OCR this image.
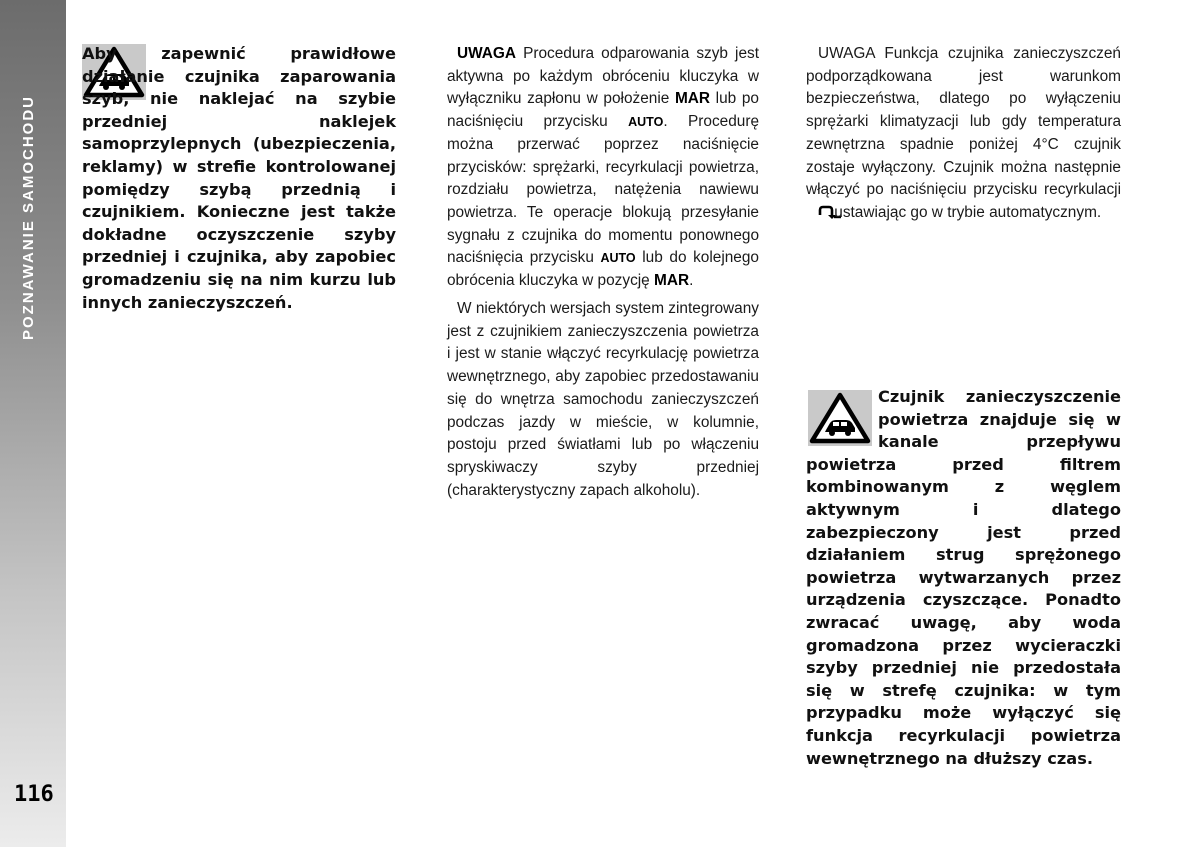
POZNAWANIE SAMOCHODU
116
Aby zapewnić prawidłowe działanie czujnika zaparowania szyb, nie naklejać na szybie przedniej naklejek samoprzylepnych (ubezpieczenia, reklamy) w strefie kontrolowanej pomiędzy szybą przednią i czujnikiem. Konieczne jest także dokładne oczyszczenie szyby przedniej i czujnika, aby zapobiec gromadzeniu się na nim kurzu lub innych zanieczyszczeń.

UWAGA Procedura odparowania szyb jest aktywna po każdym obróceniu kluczyka w wyłączniku zapłonu w położenie MAR lub po naciśnięciu przycisku AUTO. Procedurę można przerwać poprzez naciśnięcie przycisków: sprężarki, recyrkulacji powietrza, rozdziału powietrza, natężenia nawiewu powietrza. Te operacje blokują przesyłanie sygnału z czujnika do momentu ponownego naciśnięcia przycisku AUTO lub do kolejnego obrócenia kluczyka w pozycję MAR.

W niektórych wersjach system zintegrowany jest z czujnikiem zanieczyszczenia powietrza i jest w stanie włączyć recyrkulację powietrza wewnętrznego, aby zapobiec przedostawaniu się do wnętrza samochodu zanieczyszczeń podczas jazdy w mieście, w kolumnie, postoju przed światłami lub po włączeniu spryskiwaczy szyby przedniej (charakterystyczny zapach alkoholu).

UWAGA Funkcja czujnika zanieczyszczeń podporządkowana jest warunkom bezpieczeństwa, dlatego po wyłączeniu sprężarki klimatyzacji lub gdy temperatura zewnętrzna spadnie poniżej 4°C czujnik zostaje wyłączony. Czujnik można następnie włączyć po naciśnięciu przycisku recyrkulacji  ustawiając go w trybie automatycznym.

Czujnik zanieczyszczenie powietrza znajduje się w kanale przepływu powietrza przed filtrem kombinowanym z węglem aktywnym i dlatego zabezpieczony jest przed działaniem strug sprężonego powietrza wytwarzanych przez urządzenia czyszczące. Ponadto zwracać uwagę, aby woda gromadzona przez wycieraczki szyby przedniej nie przedostała się w strefę czujnika: w tym przypadku może wyłączyć się funkcja recyrkulacji powietrza wewnętrznego na dłuższy czas.
